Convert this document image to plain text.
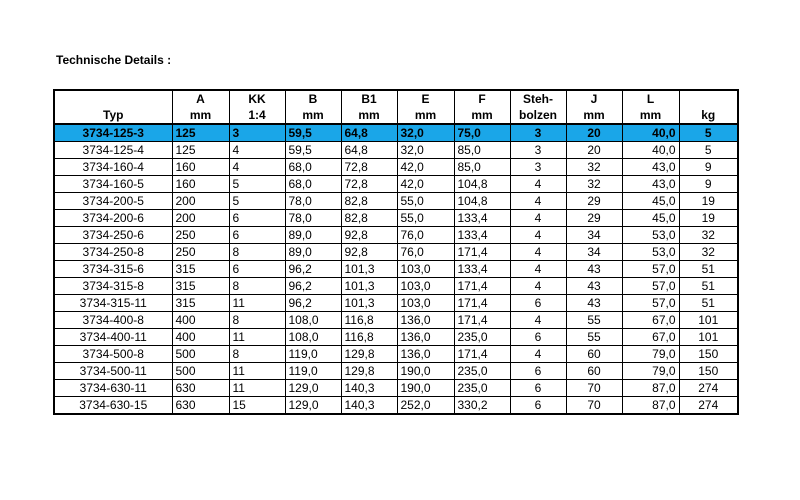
Technische Details :
	A	KK	B	B1	E	F	Steh-	J	L	
Typ	mm	1:4	mm	mm	mm	mm	bolzen	mm	mm	kg
3734-125-3	125	3	59,5	64,8	32,0	75,0	3	20	40,0	5
3734-125-4	125	4	59,5	64,8	32,0	85,0	3	20	40,0	5
3734-160-4	160	4	68,0	72,8	42,0	85,0	3	32	43,0	9
3734-160-5	160	5	68,0	72,8	42,0	104,8	4	32	43,0	9
3734-200-5	200	5	78,0	82,8	55,0	104,8	4	29	45,0	19
3734-200-6	200	6	78,0	82,8	55,0	133,4	4	29	45,0	19
3734-250-6	250	6	89,0	92,8	76,0	133,4	4	34	53,0	32
3734-250-8	250	8	89,0	92,8	76,0	171,4	4	34	53,0	32
3734-315-6	315	6	96,2	101,3	103,0	133,4	4	43	57,0	51
3734-315-8	315	8	96,2	101,3	103,0	171,4	4	43	57,0	51
3734-315-11	315	11	96,2	101,3	103,0	171,4	6	43	57,0	51
3734-400-8	400	8	108,0	116,8	136,0	171,4	4	55	67,0	101
3734-400-11	400	11	108,0	116,8	136,0	235,0	6	55	67,0	101
3734-500-8	500	8	119,0	129,8	136,0	171,4	4	60	79,0	150
3734-500-11	500	11	119,0	129,8	190,0	235,0	6	60	79,0	150
3734-630-11	630	11	129,0	140,3	190,0	235,0	6	70	87,0	274
3734-630-15	630	15	129,0	140,3	252,0	330,2	6	70	87,0	274
